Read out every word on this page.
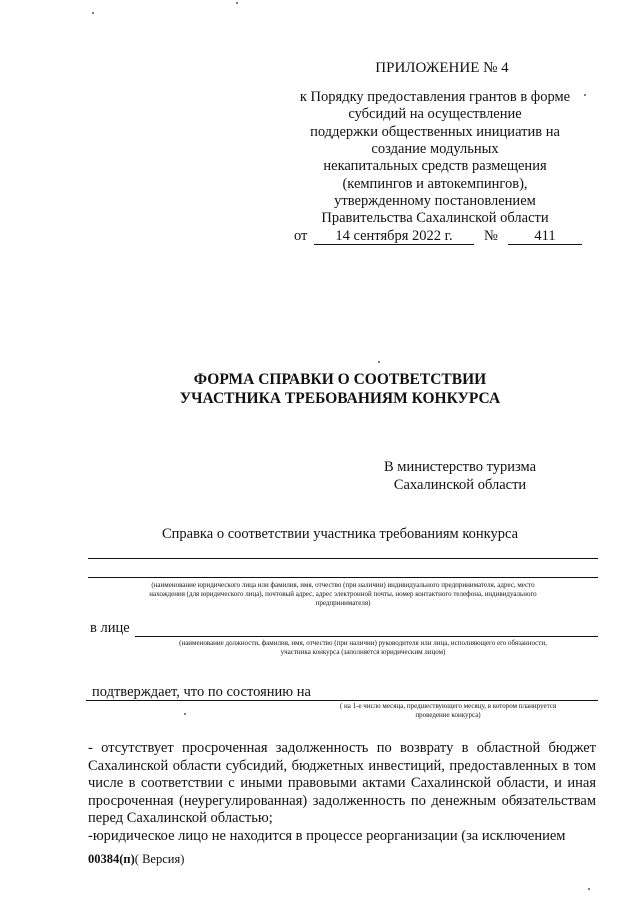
ПРИЛОЖЕНИЕ № 4
к Порядку предоставления грантов в форме
субсидий на осуществление
поддержки общественных инициатив на
создание модульных
некапитальных средств размещения
(кемпингов и автокемпингов),
утвержденному постановлением
Правительства Сахалинской области
от	14 сентября 2022 г.	№	411
ФОРМА СПРАВКИ О СООТВЕТСТВИИ
УЧАСТНИКА ТРЕБОВАНИЯМ КОНКУРСА
В министерство туризма
Сахалинской области
Справка о соответствии участника требованиям конкурса
(наименование юридического лица или фамилия, имя, отчество (при наличии) индивидуального предпринимателя, адрес, место
нахождения (для юридического лица), почтовый адрес, адрес электронной почты, номер контактного телефона, индивидуального
предпринимателя)
в лице
(наименование должности, фамилия, имя, отчество (при наличии) руководителя или лица, исполняющего его обязанности,
участника конкурса (заполняется юридическим лицом)
подтверждает, что по состоянию на
( на 1-е число месяца, предшествующего месяцу, в котором планируется
проведение конкурса)

- отсутствует просроченная задолженность по возврату в областной бюджет Сахалинской области субсидий, бюджетных инвестиций, предоставленных в том числе в соответствии с иными правовыми актами Сахалинской области, и иная просроченная (неурегулированная) задолженность по денежным обязательствам перед Сахалинской областью;

-юридическое лицо не находится в процессе реорганизации (за исключением

00384(п)( Версия)
